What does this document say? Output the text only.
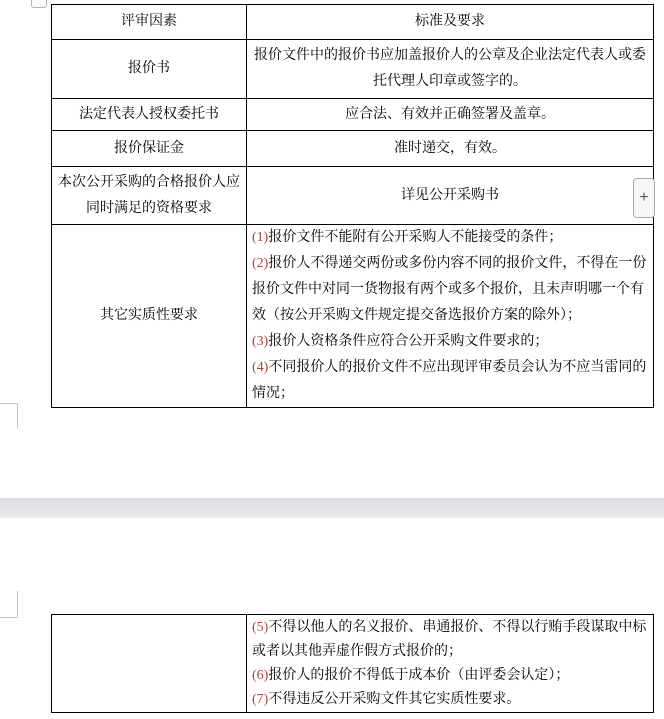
评审因素	标准及要求
报价书	报价文件中的报价书应加盖报价人的公章及企业法定代表人或委托代理人印章或签字的。
法定代表人授权委托书	应合法、有效并正确签署及盖章。
报价保证金	准时递交，有效。
本次公开采购的合格报价人应同时满足的资格要求	详见公开采购书
其它实质性要求	(1)报价文件不能附有公开采购人不能接受的条件；

(2)报价人不得递交两份或多份内容不同的报价文件，不得在一份报价文件中对同一货物报有两个或多个报价，且未声明哪一个有效（按公开采购文件规定提交备选报价方案的除外）；

(3)报价人资格条件应符合公开采购文件要求的；

(4)不同报价人的报价文件不应出现评审委员会认为不应当雷同的情况；

+

(5)不得以他人的名义报价、串通报价、不得以行贿手段谋取中标或者以其他弄虚作假方式报价的；

(6)报价人的报价不得低于成本价（由评委会认定）；

(7)不得违反公开采购文件其它实质性要求。
